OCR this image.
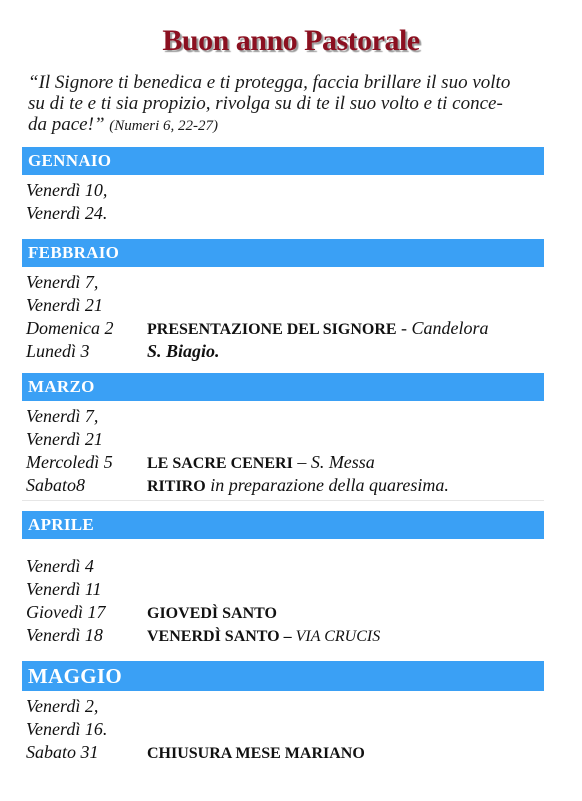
Buon anno Pastorale
“Il Signore ti benedica e ti protegga, faccia brillare il suo volto
su di te e ti sia propizio, rivolga su di te il suo volto e ti conce-
da pace!” (Numeri 6, 22-27)
GENNAIO
Venerdì 10,
Venerdì 24.
FEBBRAIO
Venerdì 7,
Venerdì 21
Domenica 2	PRESENTAZIONE DEL SIGNORE - Candelora
Lunedì 3	S. Biagio.
MARZO
Venerdì 7,
Venerdì 21
Mercoledì 5	LE SACRE CENERI – S. Messa
Sabato8	RITIRO in preparazione della quaresima.
APRILE
Venerdì 4
Venerdì 11
Giovedì 17	GIOVEDÌ SANTO
Venerdì 18	VENERDÌ SANTO – VIA CRUCIS
MAGGIO
Venerdì 2,
Venerdì 16.
Sabato 31	CHIUSURA MESE MARIANO
